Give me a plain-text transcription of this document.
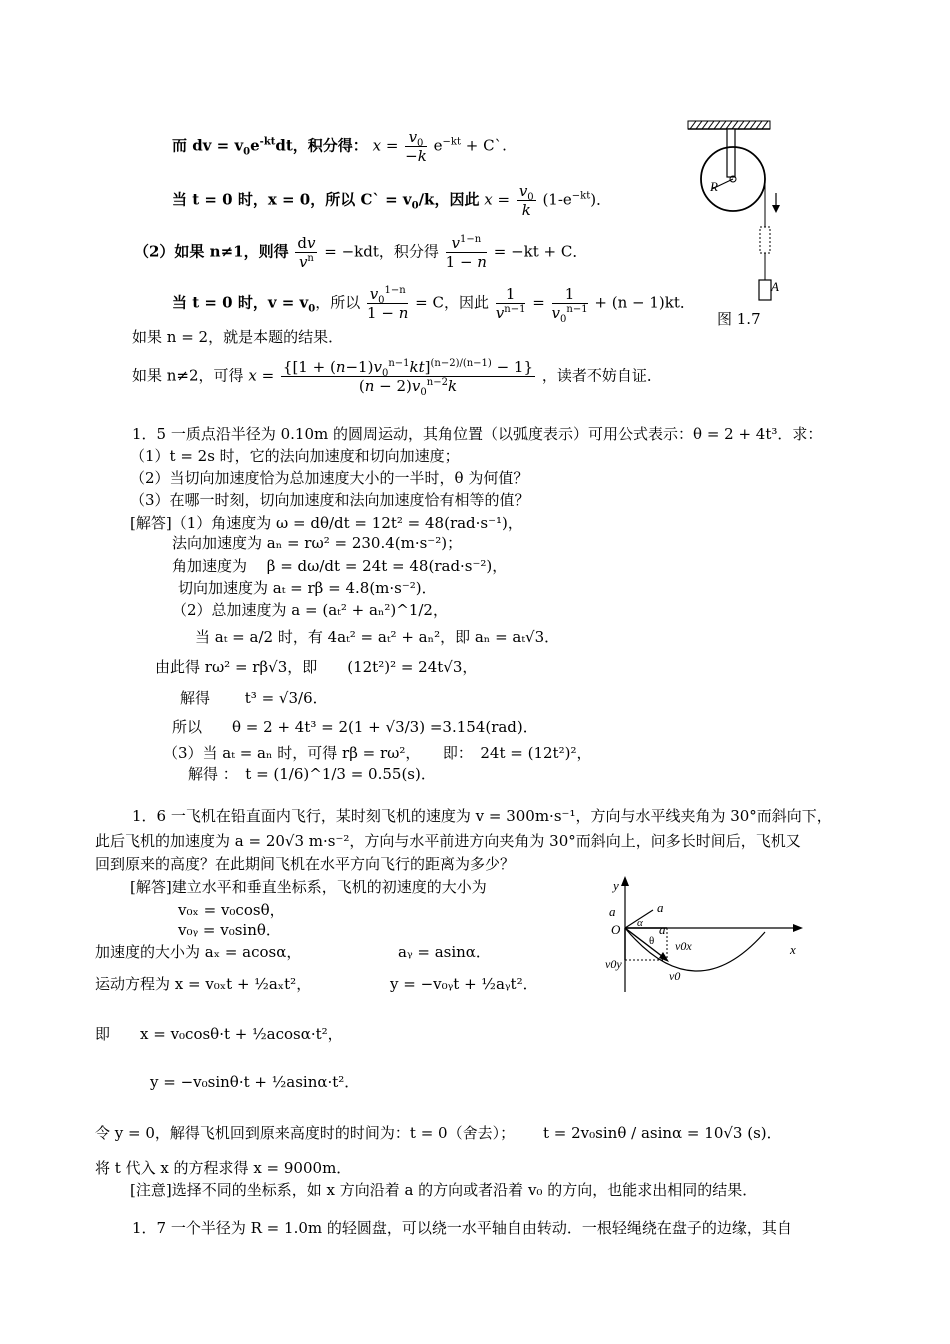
而 dv = $v_0e^{-kt}dt$，积分得： $x = \frac{v_0}{-k} e^{-kt}$ + C`.
当 t = 0 时，x = 0，所以 C` = $v_0/k$，因此 $x = \frac{v_0}{k} (1-e^{-kt})$．
（2）如果 n≠1，则得 $\frac{dv}{v^n} = -kdt$，积分得 $\frac{v^{1-n}}{1 - n} = -kt + C$．
当 t = 0 时，$v = v_0$，所以 $\frac{v_0^{1-n}}{1 - n} = C$，因此 $\frac{1}{v^{n-1}} = \frac{1}{v_0^{n-1}} + (n - 1)kt$．
如果 n = 2，就是本题的结果．
如果 n≠2，可得 $x = \frac{\{[1 + (n-1)v_0^{n-1}kt]^{(n-2)/(n-1)} - 1\}}{(n - 2)v_0^{n-2}k}$ ，读者不妨自证．
R
A
图 1.7
1．5 一质点沿半径为 0.10m 的圆周运动，其角位置（以弧度表示）可用公式表示：θ = 2 + 4t³．求：
（1）t = 2s 时，它的法向加速度和切向加速度；
（2）当切向加速度恰为总加速度大小的一半时，θ 为何值？
（3）在哪一时刻，切向加速度和法向加速度恰有相等的值？
[解答]（1）角速度为 ω = dθ/dt = 12t² = 48(rad·s⁻¹)，
法向加速度为 aₙ = rω² = 230.4(m·s⁻²)；
角加速度为　 β = dω/dt = 24t = 48(rad·s⁻²)，
切向加速度为 aₜ = rβ = 4.8(m·s⁻²)．
（2）总加速度为 a = (aₜ² + aₙ²)^1/2，
当 aₜ = a/2 时，有 4aₜ² = aₜ² + aₙ²，即 aₙ = aₜ√3．
由此得 rω² = rβ√3，即　　(12t²)² = 24t√3，
解得　　 t³ = √3/6．
所以　　θ = 2 + 4t³ = 2(1 + √3/3) =3.154(rad)．
（3）当 aₜ = aₙ 时，可得 rβ = rω²，　　即：　24t = (12t²)²，
解得 ：　t = (1/6)^1/3 = 0.55(s)．
1．6 一飞机在铅直面内飞行，某时刻飞机的速度为 v = 300m·s⁻¹，方向与水平线夹角为 30°而斜向下，
此后飞机的加速度为 a = 20√3 m·s⁻²，方向与水平前进方向夹角为 30°而斜向上，问多长时间后，飞机又
回到原来的高度？在此期间飞机在水平方向飞行的距离为多少？
[解答]建立水平和垂直坐标系，飞机的初速度的大小为
v₀ₓ = v₀cosθ，
v₀ᵧ = v₀sinθ．
加速度的大小为 aₓ = acosα，	aᵧ = asinα．
运动方程为 x = v₀ₓt + ½aₓt²，	y = −v₀ᵧt + ½aᵧt²．
即　　x = v₀cosθ·t + ½acosα·t²，
y = −v₀sinθ·t + ½asinα·t²．
令 y = 0，解得飞机回到原来高度时的时间为：t = 0（舍去）； t = 2v₀sinθ / asinα = 10√3 (s)．
将 t 代入 x 的方程求得 x = 9000m．
[注意]选择不同的坐标系，如 x 方向沿着 a 的方向或者沿着 v₀ 的方向，也能求出相同的结果．
y
x
O
a
a
a
α
θ v0x
v0y
v0
1．7 一个半径为 R = 1.0m 的轻圆盘，可以绕一水平轴自由转动．一根轻绳绕在盘子的边缘，其自
